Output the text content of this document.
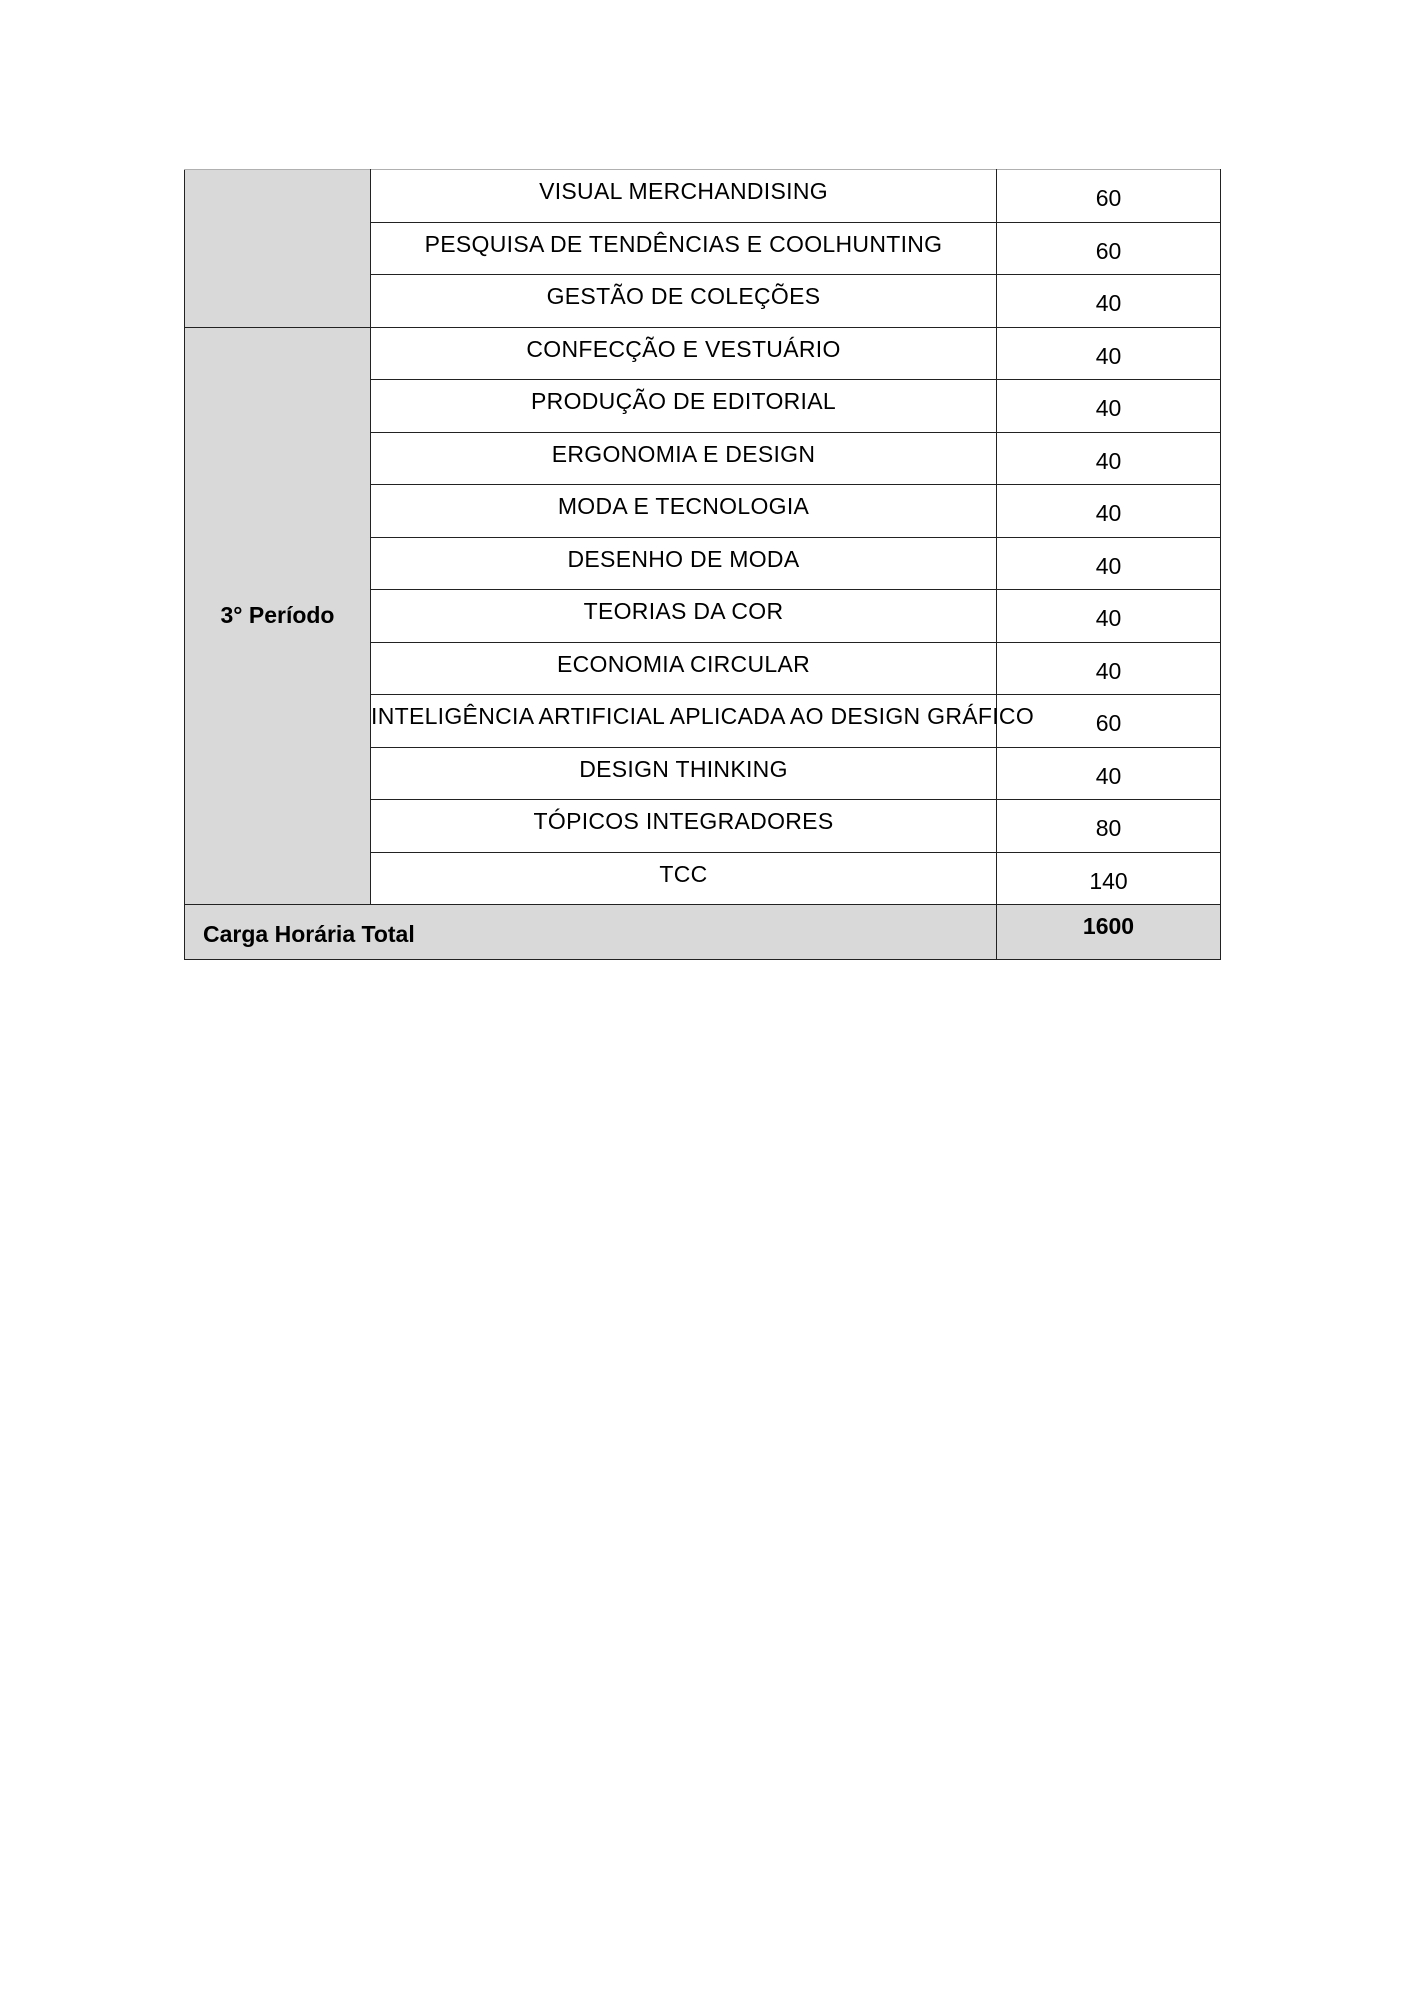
	VISUAL MERCHANDISING	60
	PESQUISA DE TENDÊNCIAS E COOLHUNTING	60
	GESTÃO DE COLEÇÕES	40
3° Período	CONFECÇÃO E VESTUÁRIO	40
	PRODUÇÃO DE EDITORIAL	40
	ERGONOMIA E DESIGN	40
	MODA E TECNOLOGIA	40
	DESENHO DE MODA	40
	TEORIAS DA COR	40
	ECONOMIA CIRCULAR	40
	INTELIGÊNCIA ARTIFICIAL APLICADA AO DESIGN GRÁFICO	60
	DESIGN THINKING	40
	TÓPICOS INTEGRADORES	80
	TCC	140
Carga Horária Total		1600
